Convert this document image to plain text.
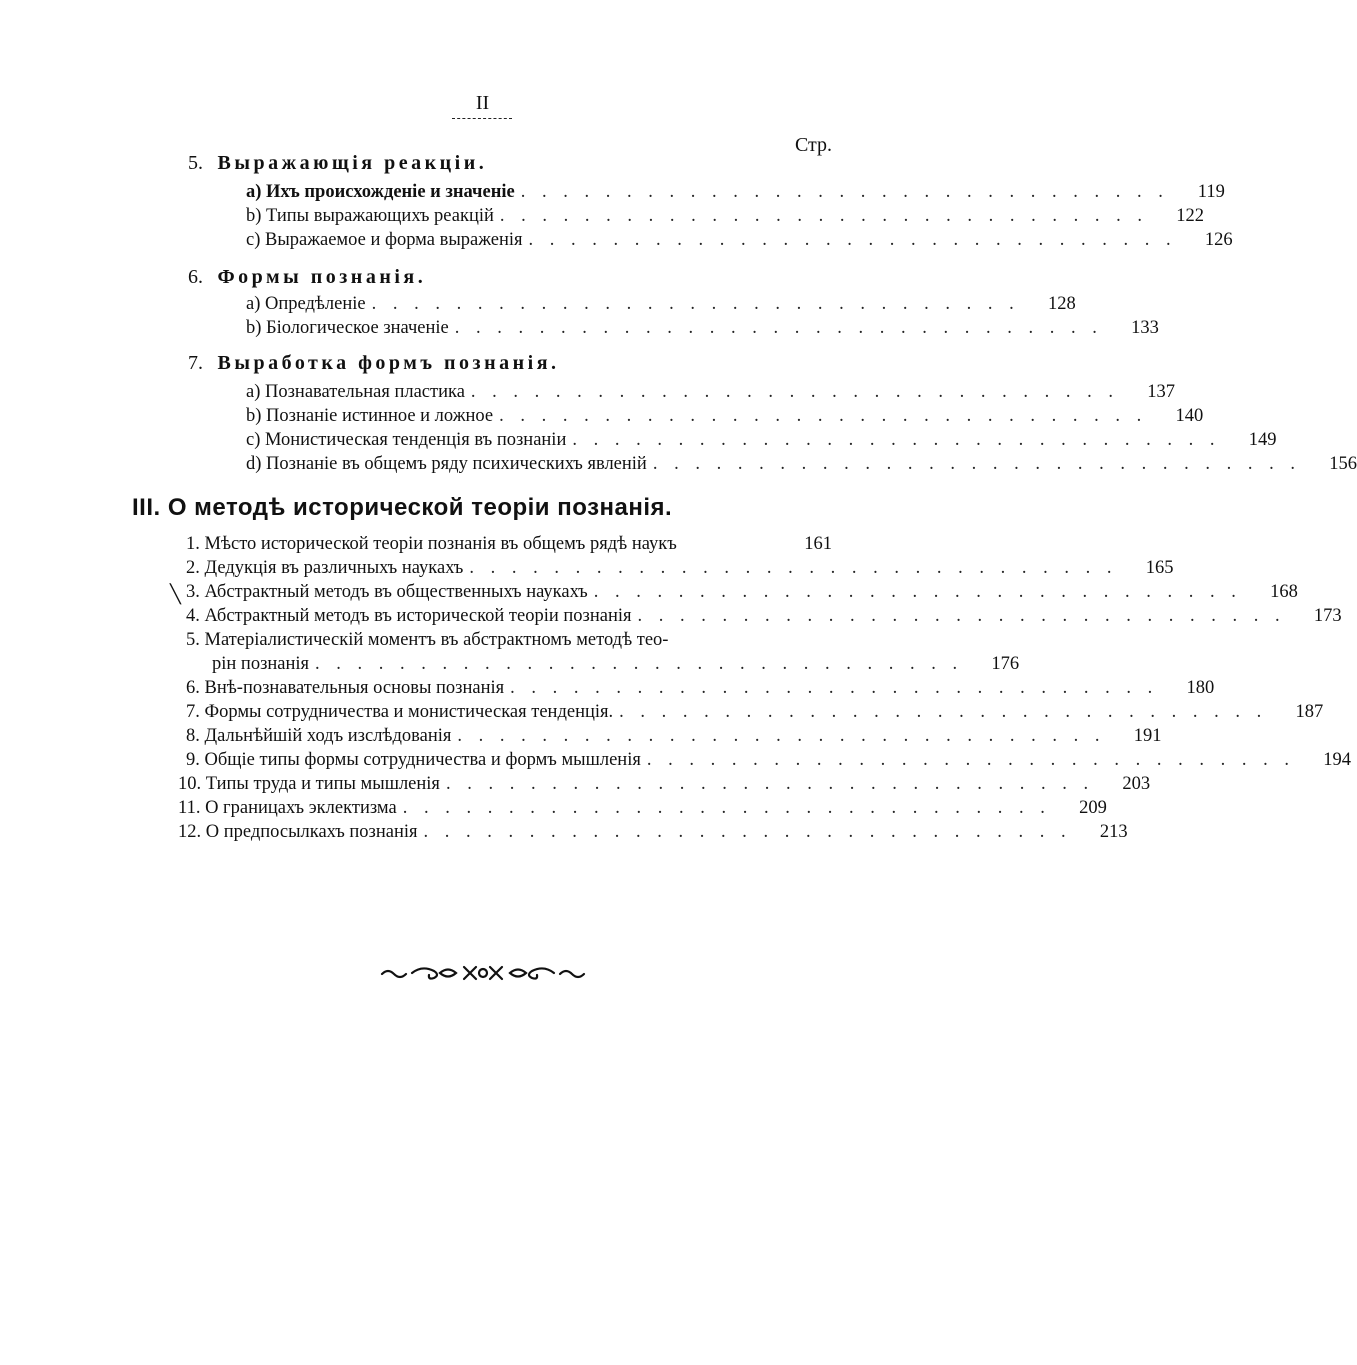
II
Стр.
5. Выражающія реакціи.
a) Ихъ происхожденіе и значеніе . . . . . . . . . . . . . . . . . . . . . . . . . . . . . . .	119
b) Типы выражающихъ реакцій . . . . . . . . . . . . . . . . . . . . . . . . . . . . . . .	122
c) Выражаемое и форма выраженія . . . . . . . . . . . . . . . . . . . . . . . . . . . . . . .	126
6. Формы познанія.
a) Опредѣленіе . . . . . . . . . . . . . . . . . . . . . . . . . . . . . . .	128
b) Біологическое значеніе . . . . . . . . . . . . . . . . . . . . . . . . . . . . . . .	133
7. Выработка формъ познанія.
a) Познавательная пластика . . . . . . . . . . . . . . . . . . . . . . . . . . . . . . .	137
b) Познаніе истинное и ложное . . . . . . . . . . . . . . . . . . . . . . . . . . . . . . .	140
c) Монистическая тенденція въ познаніи . . . . . . . . . . . . . . . . . . . . . . . . . . . . . . .	149
d) Познаніе въ общемъ ряду психическихъ явленій . . . . . . . . . . . . . . . . . . . . . . . . . . . . . . .	156
III. О методѣ исторической теоріи познанія.
╲
1. Мѣсто исторической теоріи познанія въ общемъ рядѣ наукъ	161
2. Дедукція въ различныхъ наукахъ . . . . . . . . . . . . . . . . . . . . . . . . . . . . . . .	165
3. Абстрактный методъ въ общественныхъ наукахъ . . . . . . . . . . . . . . . . . . . . . . . . . . . . . . .	168
4. Абстрактный методъ въ исторической теоріи познанія . . . . . . . . . . . . . . . . . . . . . . . . . . . . . . .	173
5. Матеріалистическій моментъ въ абстрактномъ методѣ тео-
рін познанія . . . . . . . . . . . . . . . . . . . . . . . . . . . . . . .	176
6. Внѣ-познавательныя основы познанія . . . . . . . . . . . . . . . . . . . . . . . . . . . . . . .	180
7. Формы сотрудничества и монистическая тенденція. . . . . . . . . . . . . . . . . . . . . . . . . . . . . . . .	187
8. Дальнѣйшій ходъ изслѣдованія . . . . . . . . . . . . . . . . . . . . . . . . . . . . . . .	191
9. Общіе типы формы сотрудничества и формъ мышленія . . . . . . . . . . . . . . . . . . . . . . . . . . . . . . .	194
10. Типы труда и типы мышленія . . . . . . . . . . . . . . . . . . . . . . . . . . . . . . .	203
11. О границахъ эклектизма . . . . . . . . . . . . . . . . . . . . . . . . . . . . . . .	209
12. О предпосылкахъ познанія . . . . . . . . . . . . . . . . . . . . . . . . . . . . . . .	213
